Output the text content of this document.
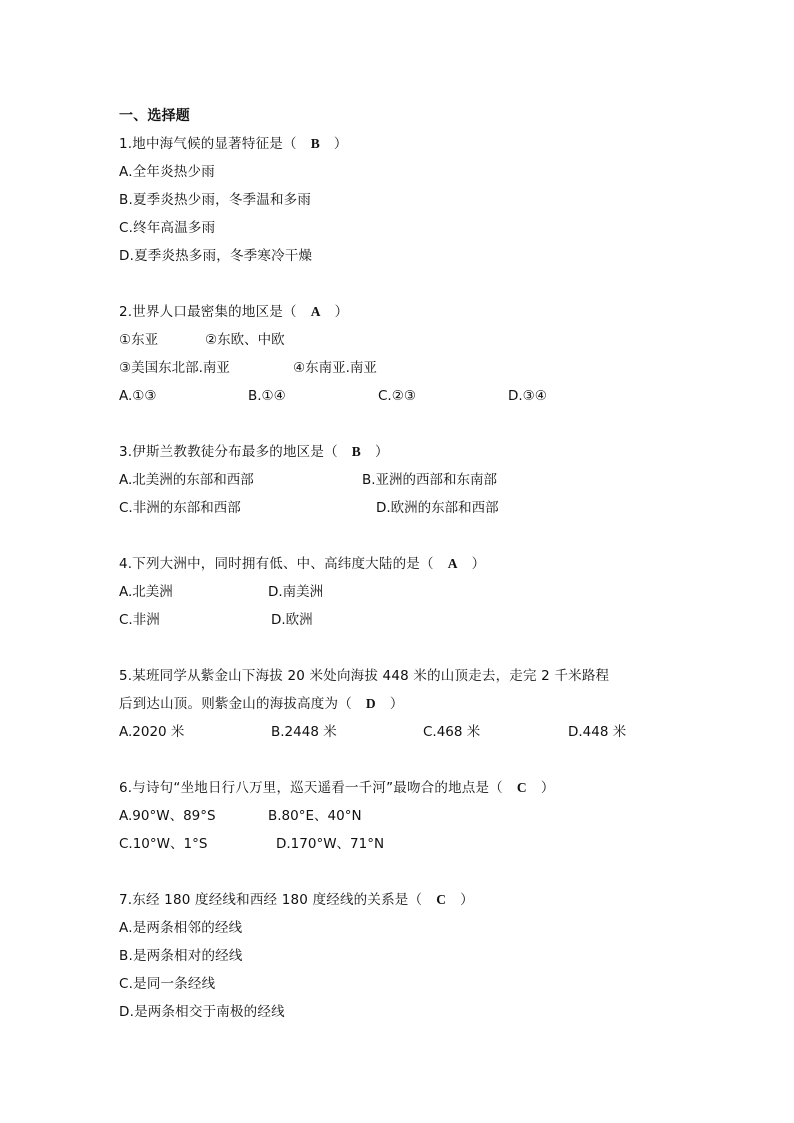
一、选择题
1.地中海气候的显著特征是（ B ）
A.全年炎热少雨
B.夏季炎热少雨，冬季温和多雨
C.终年高温多雨
D.夏季炎热多雨，冬季寒冷干燥
2.世界人口最密集的地区是（ A ）
①东亚	②东欧、中欧
③美国东北部.南亚	④东南亚.南亚
A.①③	B.①④	C.②③	D.③④
3.伊斯兰教教徒分布最多的地区是（ B ）
A.北美洲的东部和西部	B.亚洲的西部和东南部
C.非洲的东部和西部	D.欧洲的东部和西部
4.下列大洲中，同时拥有低、中、高纬度大陆的是（ A ）
A.北美洲	D.南美洲
C.非洲	D.欧洲
5.某班同学从紫金山下海拔 20 米处向海拔 448 米的山顶走去，走完 2 千米路程
后到达山顶。则紫金山的海拔高度为（ D ）
A.2020 米	B.2448 米	C.468 米	D.448 米
6.与诗句“坐地日行八万里，巡天遥看一千河”最吻合的地点是（ C ）
A.90°W、89°S	B.80°E、40°N
C.10°W、1°S	D.170°W、71°N
7.东经 180 度经线和西经 180 度经线的关系是（ C ）
A.是两条相邻的经线
B.是两条相对的经线
C.是同一条经线
D.是两条相交于南极的经线
